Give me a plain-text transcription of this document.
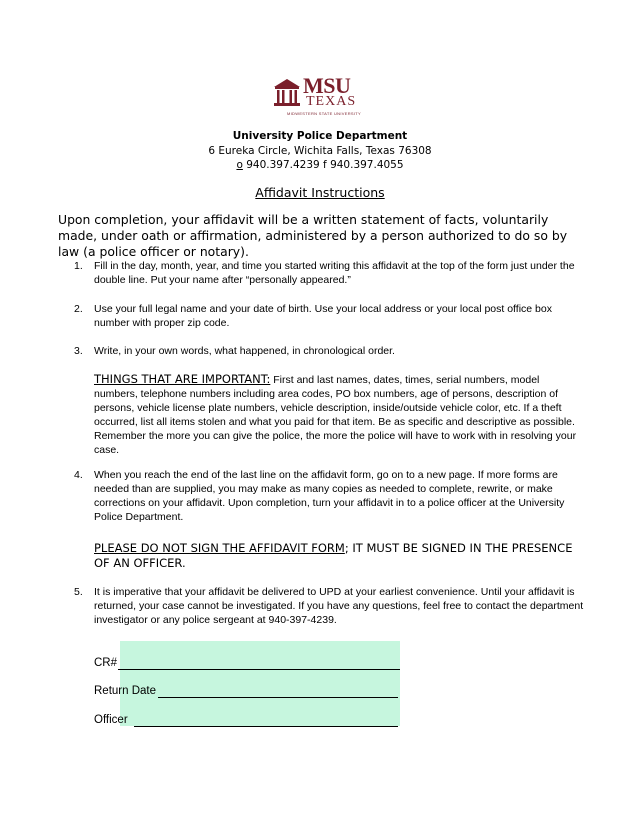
MSU
TEXAS
MIDWESTERN STATE UNIVERSITY
University Police Department
6 Eureka Circle, Wichita Falls, Texas 76308
o 940.397.4239 f 940.397.4055
Affidavit Instructions
Upon completion, your affidavit will be a written statement of facts, voluntarily made, under oath or affirmation, administered by a person authorized to do so by law (a police officer or notary).
1. Fill in the day, month, year, and time you started writing this affidavit at the top of the form just under the double line. Put your name after “personally appeared.”
2. Use your full legal name and your date of birth. Use your local address or your local post office box number with proper zip code.
3. Write, in your own words, what happened, in chronological order.
THINGS THAT ARE IMPORTANT: First and last names, dates, times, serial numbers, model numbers, telephone numbers including area codes, PO box numbers, age of persons, description of persons, vehicle license plate numbers, vehicle description, inside/outside vehicle color, etc. If a theft occurred, list all items stolen and what you paid for that item. Be as specific and descriptive as possible. Remember the more you can give the police, the more the police will have to work with in resolving your case.
4. When you reach the end of the last line on the affidavit form, go on to a new page. If more forms are needed than are supplied, you may make as many copies as needed to complete, rewrite, or make corrections on your affidavit. Upon completion, turn your affidavit in to a police officer at the University Police Department.
PLEASE DO NOT SIGN THE AFFIDAVIT FORM; IT MUST BE SIGNED IN THE PRESENCE OF AN OFFICER.
5. It is imperative that your affidavit be delivered to UPD at your earliest convenience. Until your affidavit is returned, your case cannot be investigated. If you have any questions, feel free to contact the department investigator or any police sergeant at 940-397-4239.
CR#
Return Date
Officer
